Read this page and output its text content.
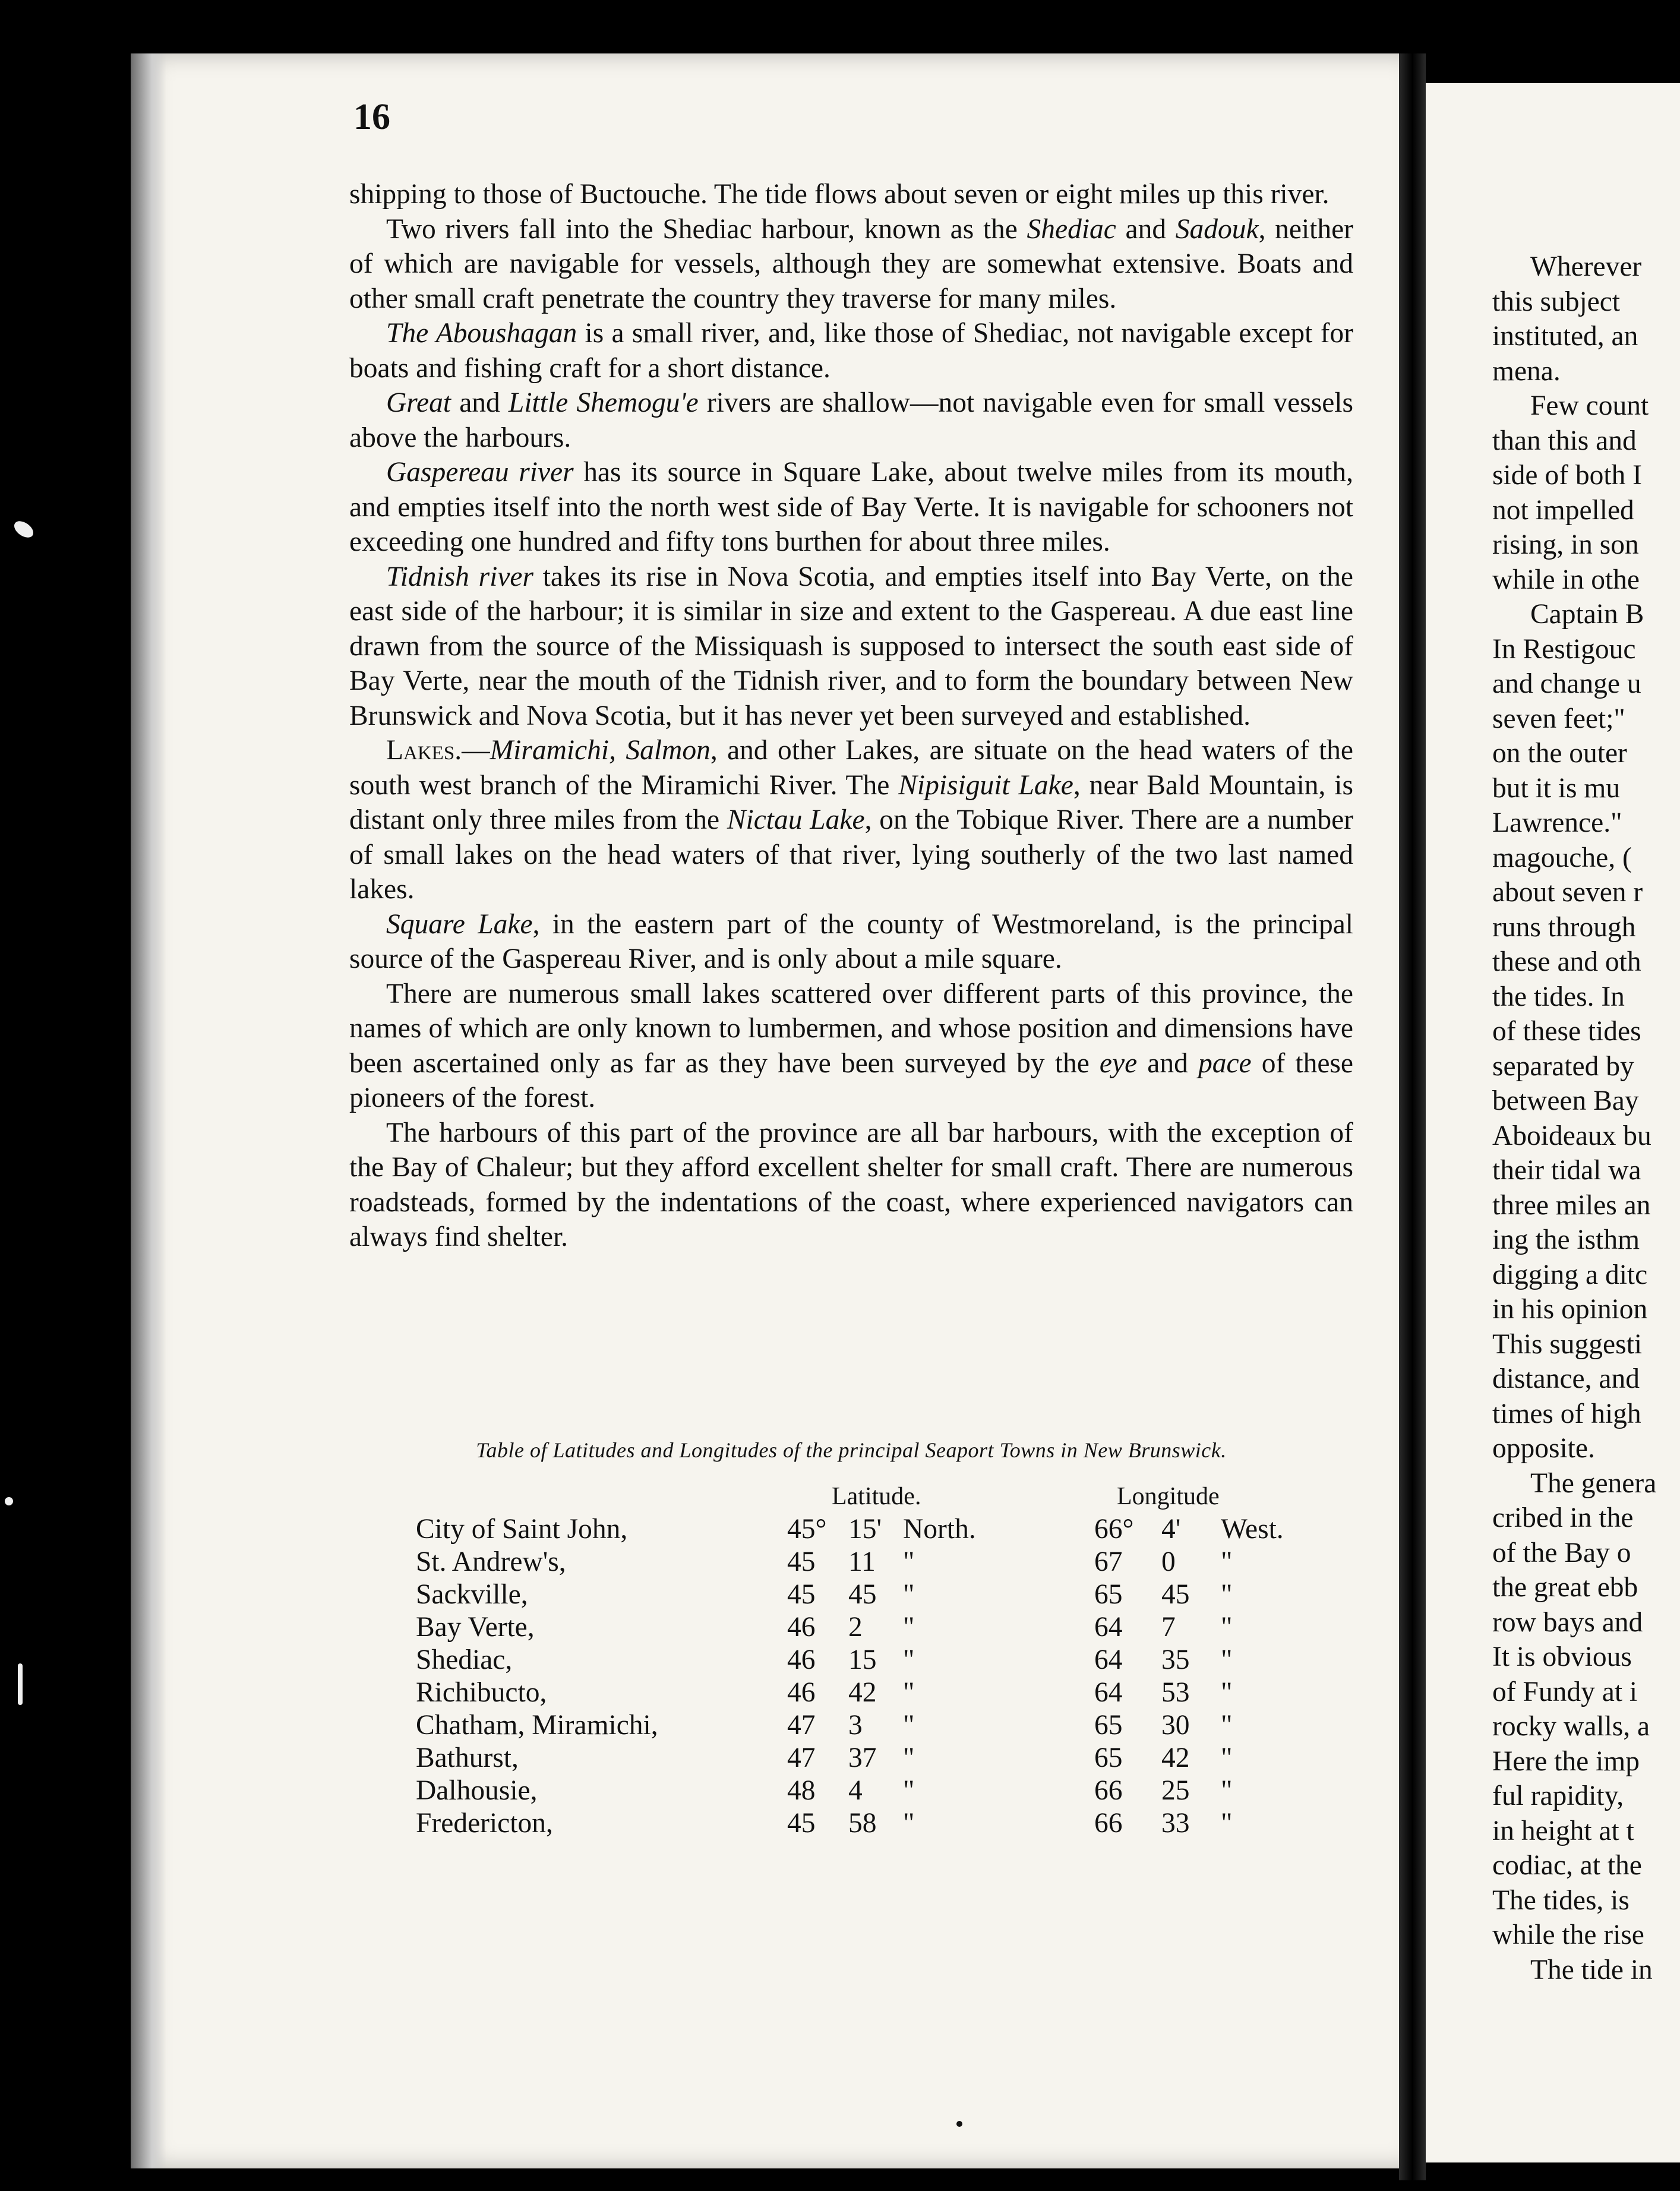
16

shipping to those of Buctouche. The tide flows about seven or eight miles up this river.

Two rivers fall into the Shediac harbour, known as the Shediac and Sadouk, neither of which are navigable for vessels, although they are somewhat extensive. Boats and other small craft penetrate the country they traverse for many miles.

The Aboushagan is a small river, and, like those of Shediac, not navigable except for boats and fishing craft for a short distance.

Great and Little Shemogu'e rivers are shallow—not navigable even for small vessels above the harbours.

Gaspereau river has its source in Square Lake, about twelve miles from its mouth, and empties itself into the north west side of Bay Verte. It is navigable for schooners not exceeding one hundred and fifty tons burthen for about three miles.

Tidnish river takes its rise in Nova Scotia, and empties itself into Bay Verte, on the east side of the harbour; it is similar in size and extent to the Gaspereau. A due east line drawn from the source of the Missiquash is supposed to intersect the south east side of Bay Verte, near the mouth of the Tidnish river, and to form the boundary between New Brunswick and Nova Scotia, but it has never yet been surveyed and established.

Lakes.—Miramichi, Salmon, and other Lakes, are situate on the head waters of the south west branch of the Miramichi River. The Nipisiguit Lake, near Bald Mountain, is distant only three miles from the Nictau Lake, on the Tobique River. There are a number of small lakes on the head waters of that river, lying southerly of the two last named lakes.

Square Lake, in the eastern part of the county of Westmoreland, is the principal source of the Gaspereau River, and is only about a mile square.

There are numerous small lakes scattered over different parts of this province, the names of which are only known to lumbermen, and whose position and dimensions have been ascertained only as far as they have been surveyed by the eye and pace of these pioneers of the forest.

The harbours of this part of the province are all bar harbours, with the exception of the Bay of Chaleur; but they afford excellent shelter for small craft. There are numerous roadsteads, formed by the indentations of the coast, where experienced navigators can always find shelter.

Table of Latitudes and Longitudes of the principal Seaport Towns in New Brunswick.
Latitude.	Longitude
City of Saint John,	45° 15' North.	66° 4' West.
St. Andrew's,	45 11 "	67 0 "
Sackville,	45 45 "	65 45 "
Bay Verte,	46 2 "	64 7 "
Shediac,	46 15 "	64 35 "
Richibucto,	46 42 "	64 53 "
Chatham, Miramichi,	47 3 "	65 30 "
Bathurst,	47 37 "	65 42 "
Dalhousie,	48 4 "	66 25 "
Fredericton,	45 58 "	66 33 "
Wherever
this subject
instituted, an
mena.
Few count
than this and
side of both I
not impelled
rising, in son
while in othe
Captain B
In Restigouc
and change u
seven feet;"
on the outer
but it is mu
Lawrence."
magouche, (
about seven r
runs through
these and oth
the tides. In
of these tides
separated by
between Bay
Aboideaux bu
their tidal wa
three miles an
ing the isthm
digging a ditc
in his opinion
This suggesti
distance, and
times of high
opposite.
The genera
cribed in the
of the Bay o
the great ebb
row bays and
It is obvious
of Fundy at i
rocky walls, a
Here the imp
ful rapidity,
in height at t
codiac, at the
The tides, is
while the rise
The tide in
